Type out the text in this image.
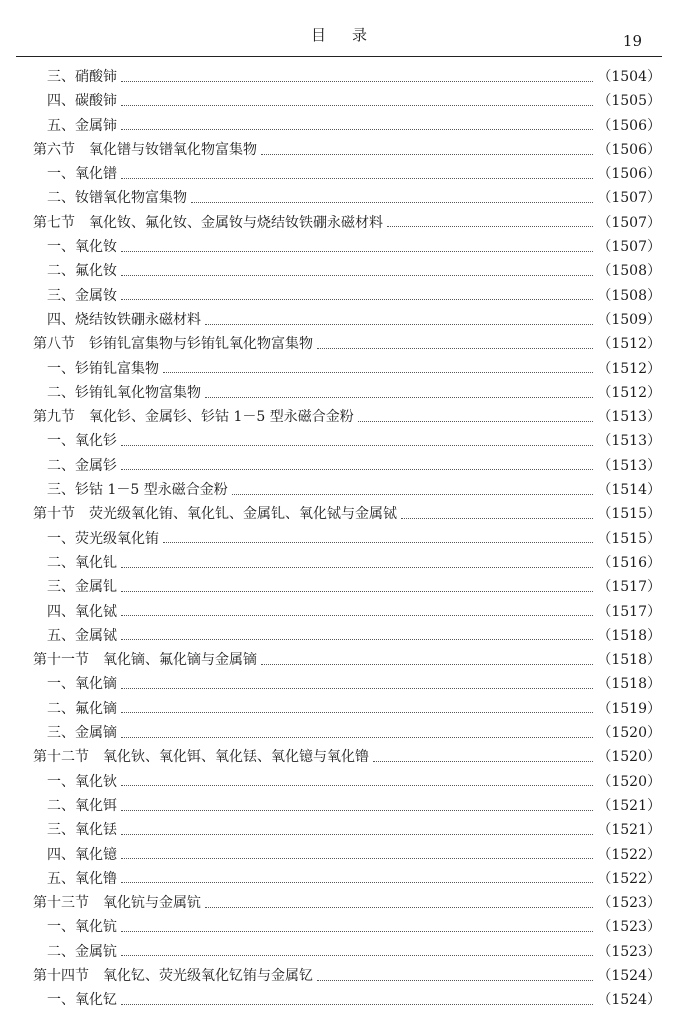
目录	19
三、硝酸铈	（1504）
四、碳酸铈	（1505）
五、金属铈	（1506）
第六节 氧化镨与钕镨氧化物富集物	（1506）
一、氧化镨	（1506）
二、钕镨氧化物富集物	（1507）
第七节 氧化钕、氟化钕、金属钕与烧结钕铁硼永磁材料	（1507）
一、氧化钕	（1507）
二、氟化钕	（1508）
三、金属钕	（1508）
四、烧结钕铁硼永磁材料	（1509）
第八节 钐铕钆富集物与钐铕钆氧化物富集物	（1512）
一、钐铕钆富集物	（1512）
二、钐铕钆氧化物富集物	（1512）
第九节 氧化钐、金属钐、钐钴 1－5 型永磁合金粉	（1513）
一、氧化钐	（1513）
二、金属钐	（1513）
三、钐钴 1－5 型永磁合金粉	（1514）
第十节 荧光级氧化铕、氧化钆、金属钆、氧化铽与金属铽	（1515）
一、荧光级氧化铕	（1515）
二、氧化钆	（1516）
三、金属钆	（1517）
四、氧化铽	（1517）
五、金属铽	（1518）
第十一节 氧化镝、氟化镝与金属镝	（1518）
一、氧化镝	（1518）
二、氟化镝	（1519）
三、金属镝	（1520）
第十二节 氧化钬、氧化铒、氧化铥、氧化镱与氧化镥	（1520）
一、氧化钬	（1520）
二、氧化铒	（1521）
三、氧化铥	（1521）
四、氧化镱	（1522）
五、氧化镥	（1522）
第十三节 氧化钪与金属钪	（1523）
一、氧化钪	（1523）
二、金属钪	（1523）
第十四节 氧化钇、荧光级氧化钇铕与金属钇	（1524）
一、氧化钇	（1524）
